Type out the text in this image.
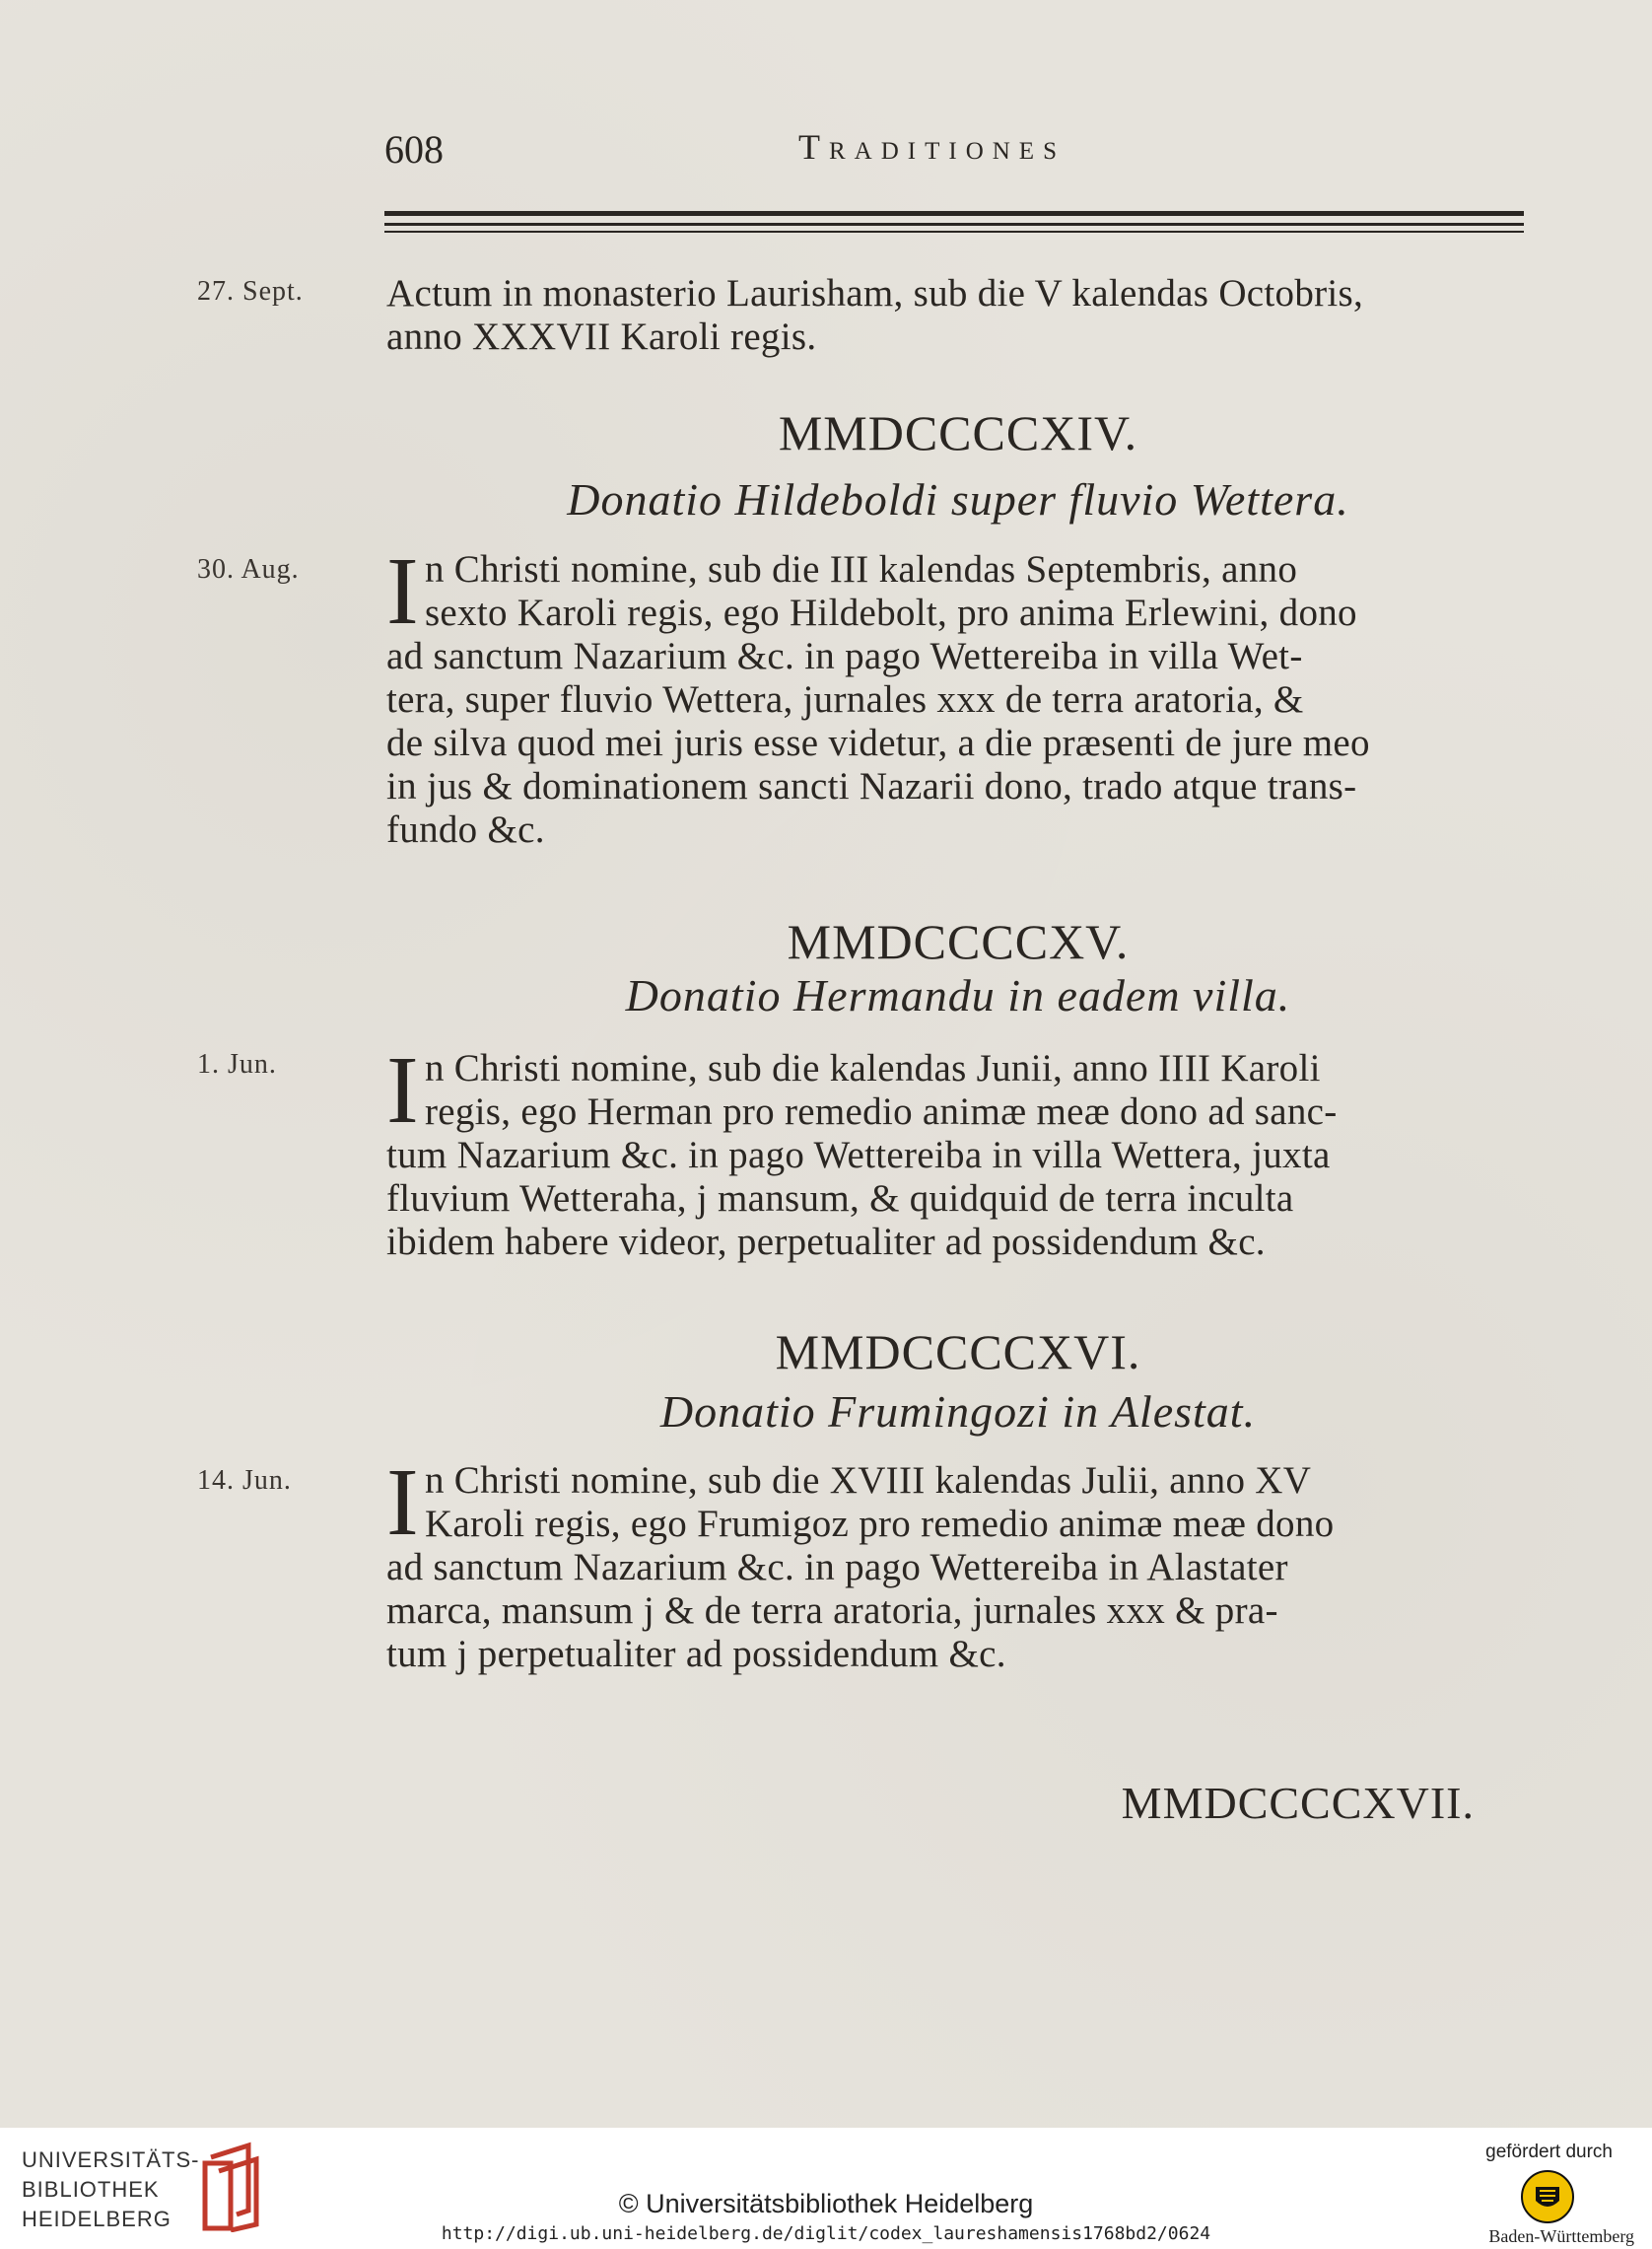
608	Traditiones
27. Sept.	Actum in monasterio Laurisham, sub die V kalendas Octobris,
anno XXXVII Karoli regis.
MMDCCCCXIV.
Donatio Hildeboldi super fluvio Wettera.
30. Aug. I n Christi nomine, sub die III kalendas Septembris, anno
sexto Karoli regis, ego Hildebolt, pro anima Erlewini, dono
ad sanctum Nazarium &c. in pago Wettereiba in villa Wet-
tera, super fluvio Wettera, jurnales xxx de terra aratoria, &
de silva quod mei juris esse videtur, a die præsenti de jure meo
in jus & dominationem sancti Nazarii dono, trado atque trans-
fundo &c.
MMDCCCCXV.
Donatio Hermandu in eadem villa.
1. Jun.	I n Christi nomine, sub die kalendas Junii, anno IIII Karoli
regis, ego Herman pro remedio animæ meæ dono ad sanc-
tum Nazarium &c. in pago Wettereiba in villa Wettera, juxta
fluvium Wetteraha, j mansum, & quidquid de terra inculta
ibidem habere videor, perpetualiter ad possidendum &c.
MMDCCCCXVI.
Donatio Frumingozi in Alestat.
14. Jun. I n Christi nomine, sub die XVIII kalendas Julii, anno XV
Karoli regis, ego Frumigoz pro remedio animæ meæ dono
ad sanctum Nazarium &c. in pago Wettereiba in Alastater
marca, mansum j & de terra aratoria, jurnales xxx & pra-
tum j perpetualiter ad possidendum &c.
MMDCCCCXVII.
UNIVERSITÄTS-
BIBLIOTHEK
HEIDELBERG
© Universitätsbibliothek Heidelberg
http://digi.ub.uni-heidelberg.de/diglit/codex_laureshamensis1768bd2/0624
gefördert durch
Baden-Württemberg
